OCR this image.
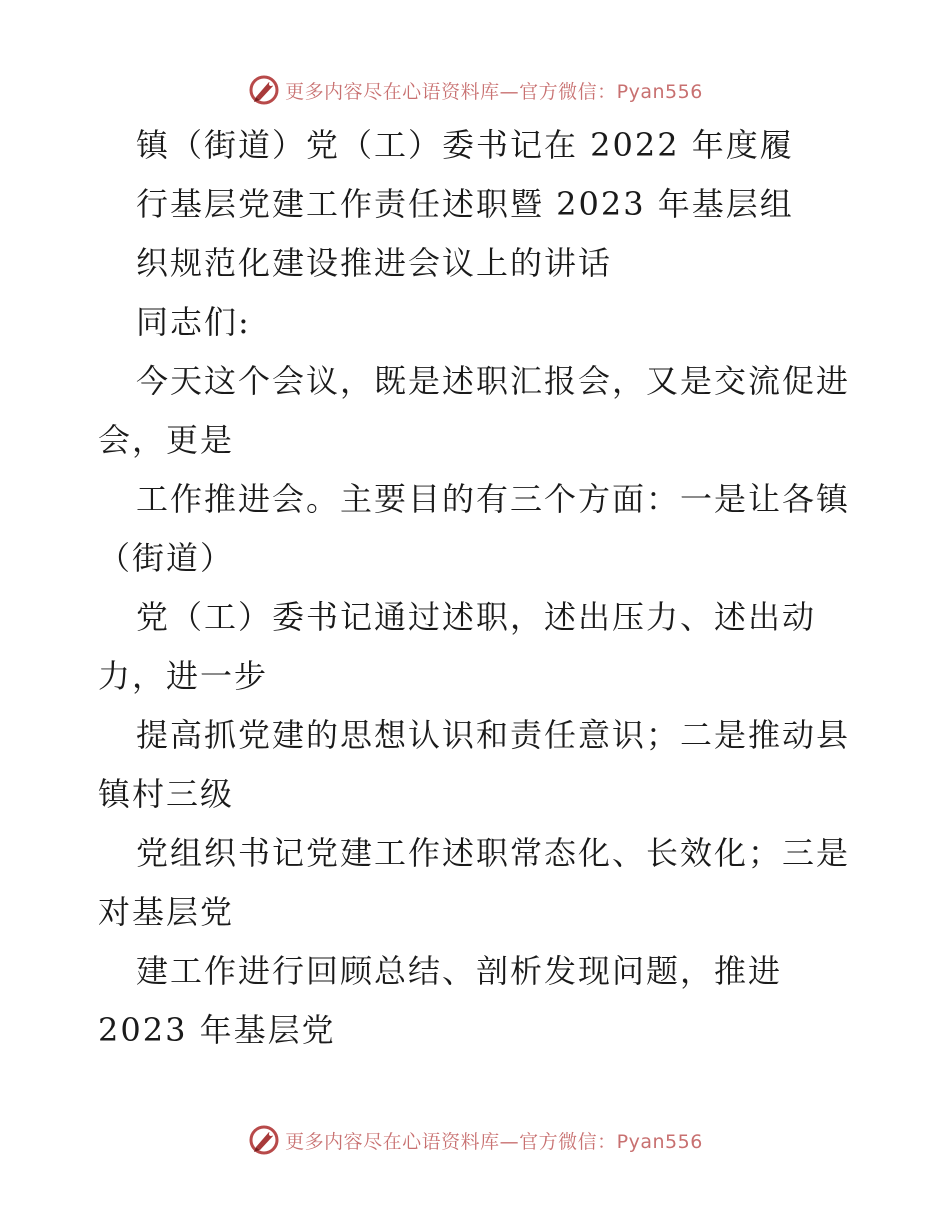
更多内容尽在心语资料库—官方微信：Pyan556
镇（街道）党（工）委书记在 2022 年度履
行基层党建工作责任述职暨 2023 年基层组
织规范化建设推进会议上的讲话
同志们:
今天这个会议，既是述职汇报会，又是交流促进
会，更是
工作推进会。主要目的有三个方面：一是让各镇
（街道）
党（工）委书记通过述职，述出压力、述出动
力，进一步
提高抓党建的思想认识和责任意识；二是推动县
镇村三级
党组织书记党建工作述职常态化、长效化；三是
对基层党
建工作进行回顾总结、剖析发现问题，推进
2023 年基层党
更多内容尽在心语资料库—官方微信：Pyan556
